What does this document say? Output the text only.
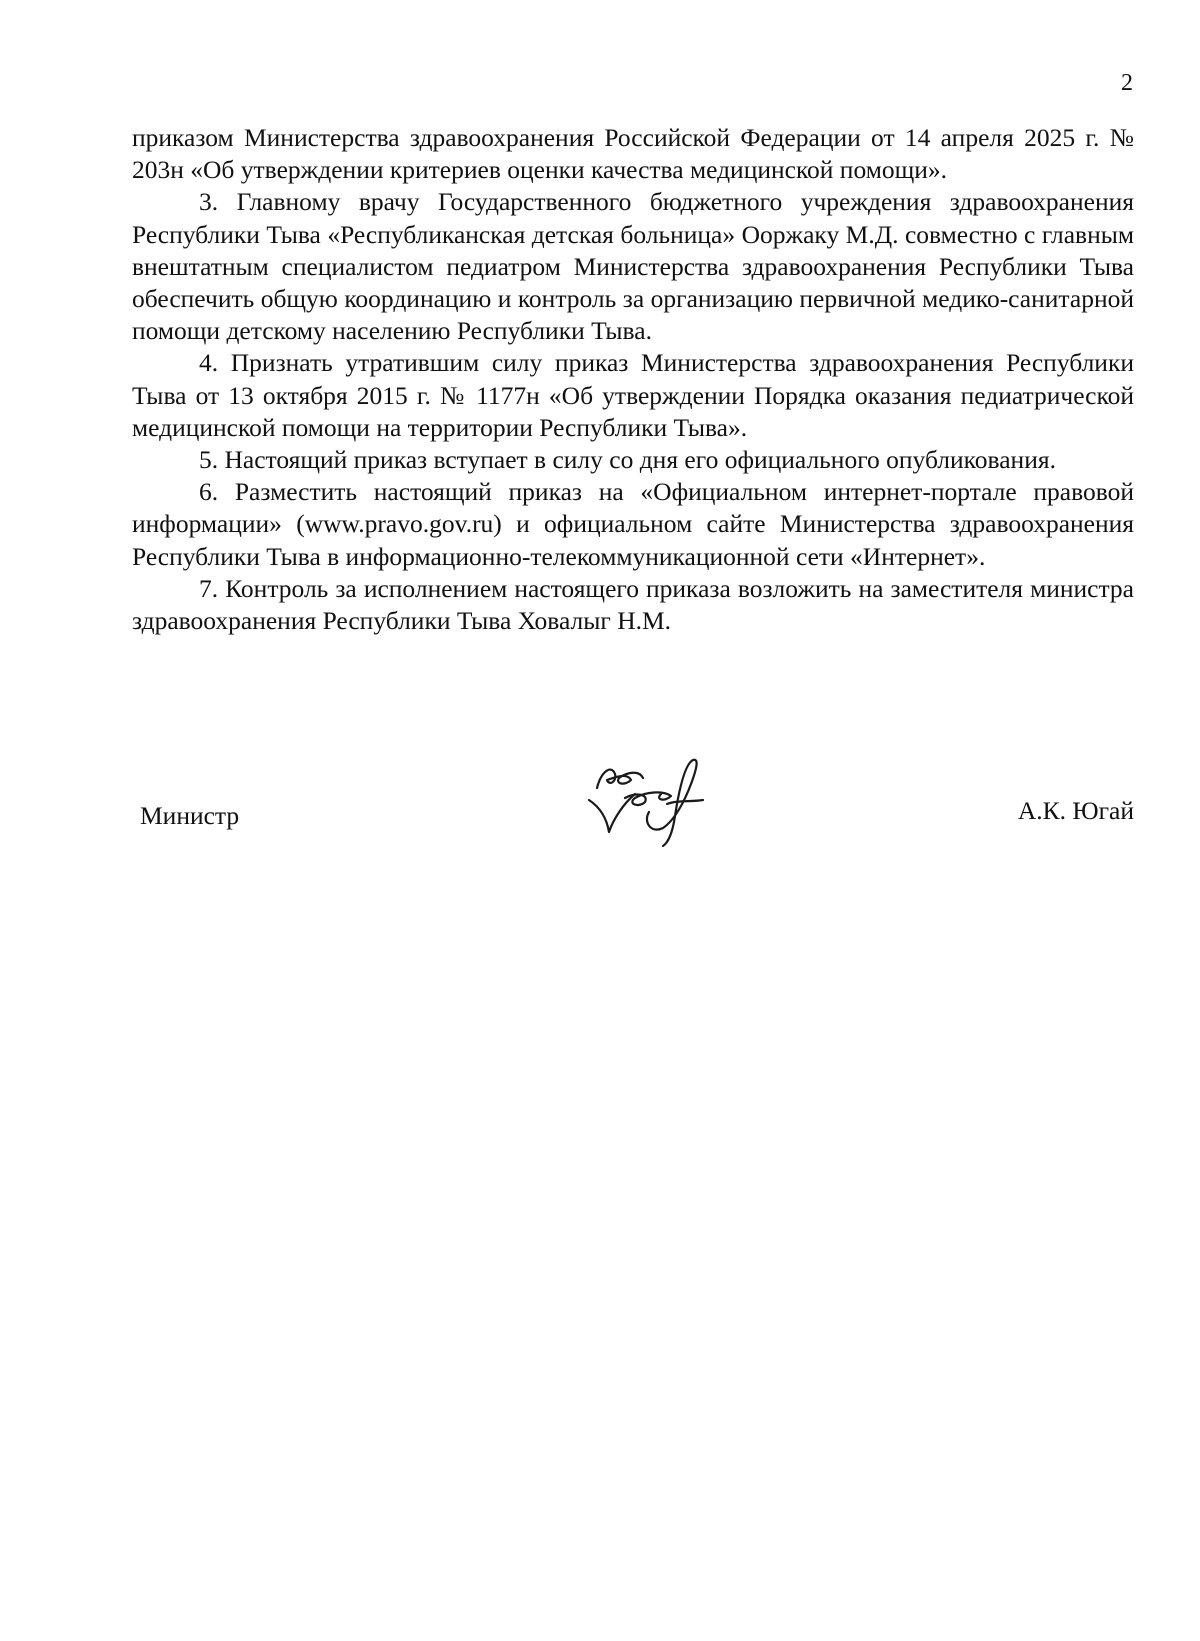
2

приказом Министерства здравоохранения Российской Федерации от 14 апреля 2025 г. № 203н «Об утверждении критериев оценки качества медицинской помощи».

3. Главному врачу Государственного бюджетного учреждения здравоохранения Республики Тыва «Республиканская детская больница» Ооржаку М.Д. совместно с главным внештатным специалистом педиатром Министерства здравоохранения Республики Тыва обеспечить общую координацию и контроль за организацию первичной медико-санитарной помощи детскому населению Республики Тыва.

4. Признать утратившим силу приказ Министерства здравоохранения Республики Тыва от 13 октября 2015 г. № 1177н «Об утверждении Порядка оказания педиатрической медицинской помощи на территории Республики Тыва».

5. Настоящий приказ вступает в силу со дня его официального опубликования.

6. Разместить настоящий приказ на «Официальном интернет-портале правовой информации» (www.pravo.gov.ru) и официальном сайте Министерства здравоохранения Республики Тыва в информационно-телекоммуникационной сети «Интернет».

7. Контроль за исполнением настоящего приказа возложить на заместителя министра здравоохранения Республики Тыва Ховалыг Н.М.

Министр	А.К. Югай
